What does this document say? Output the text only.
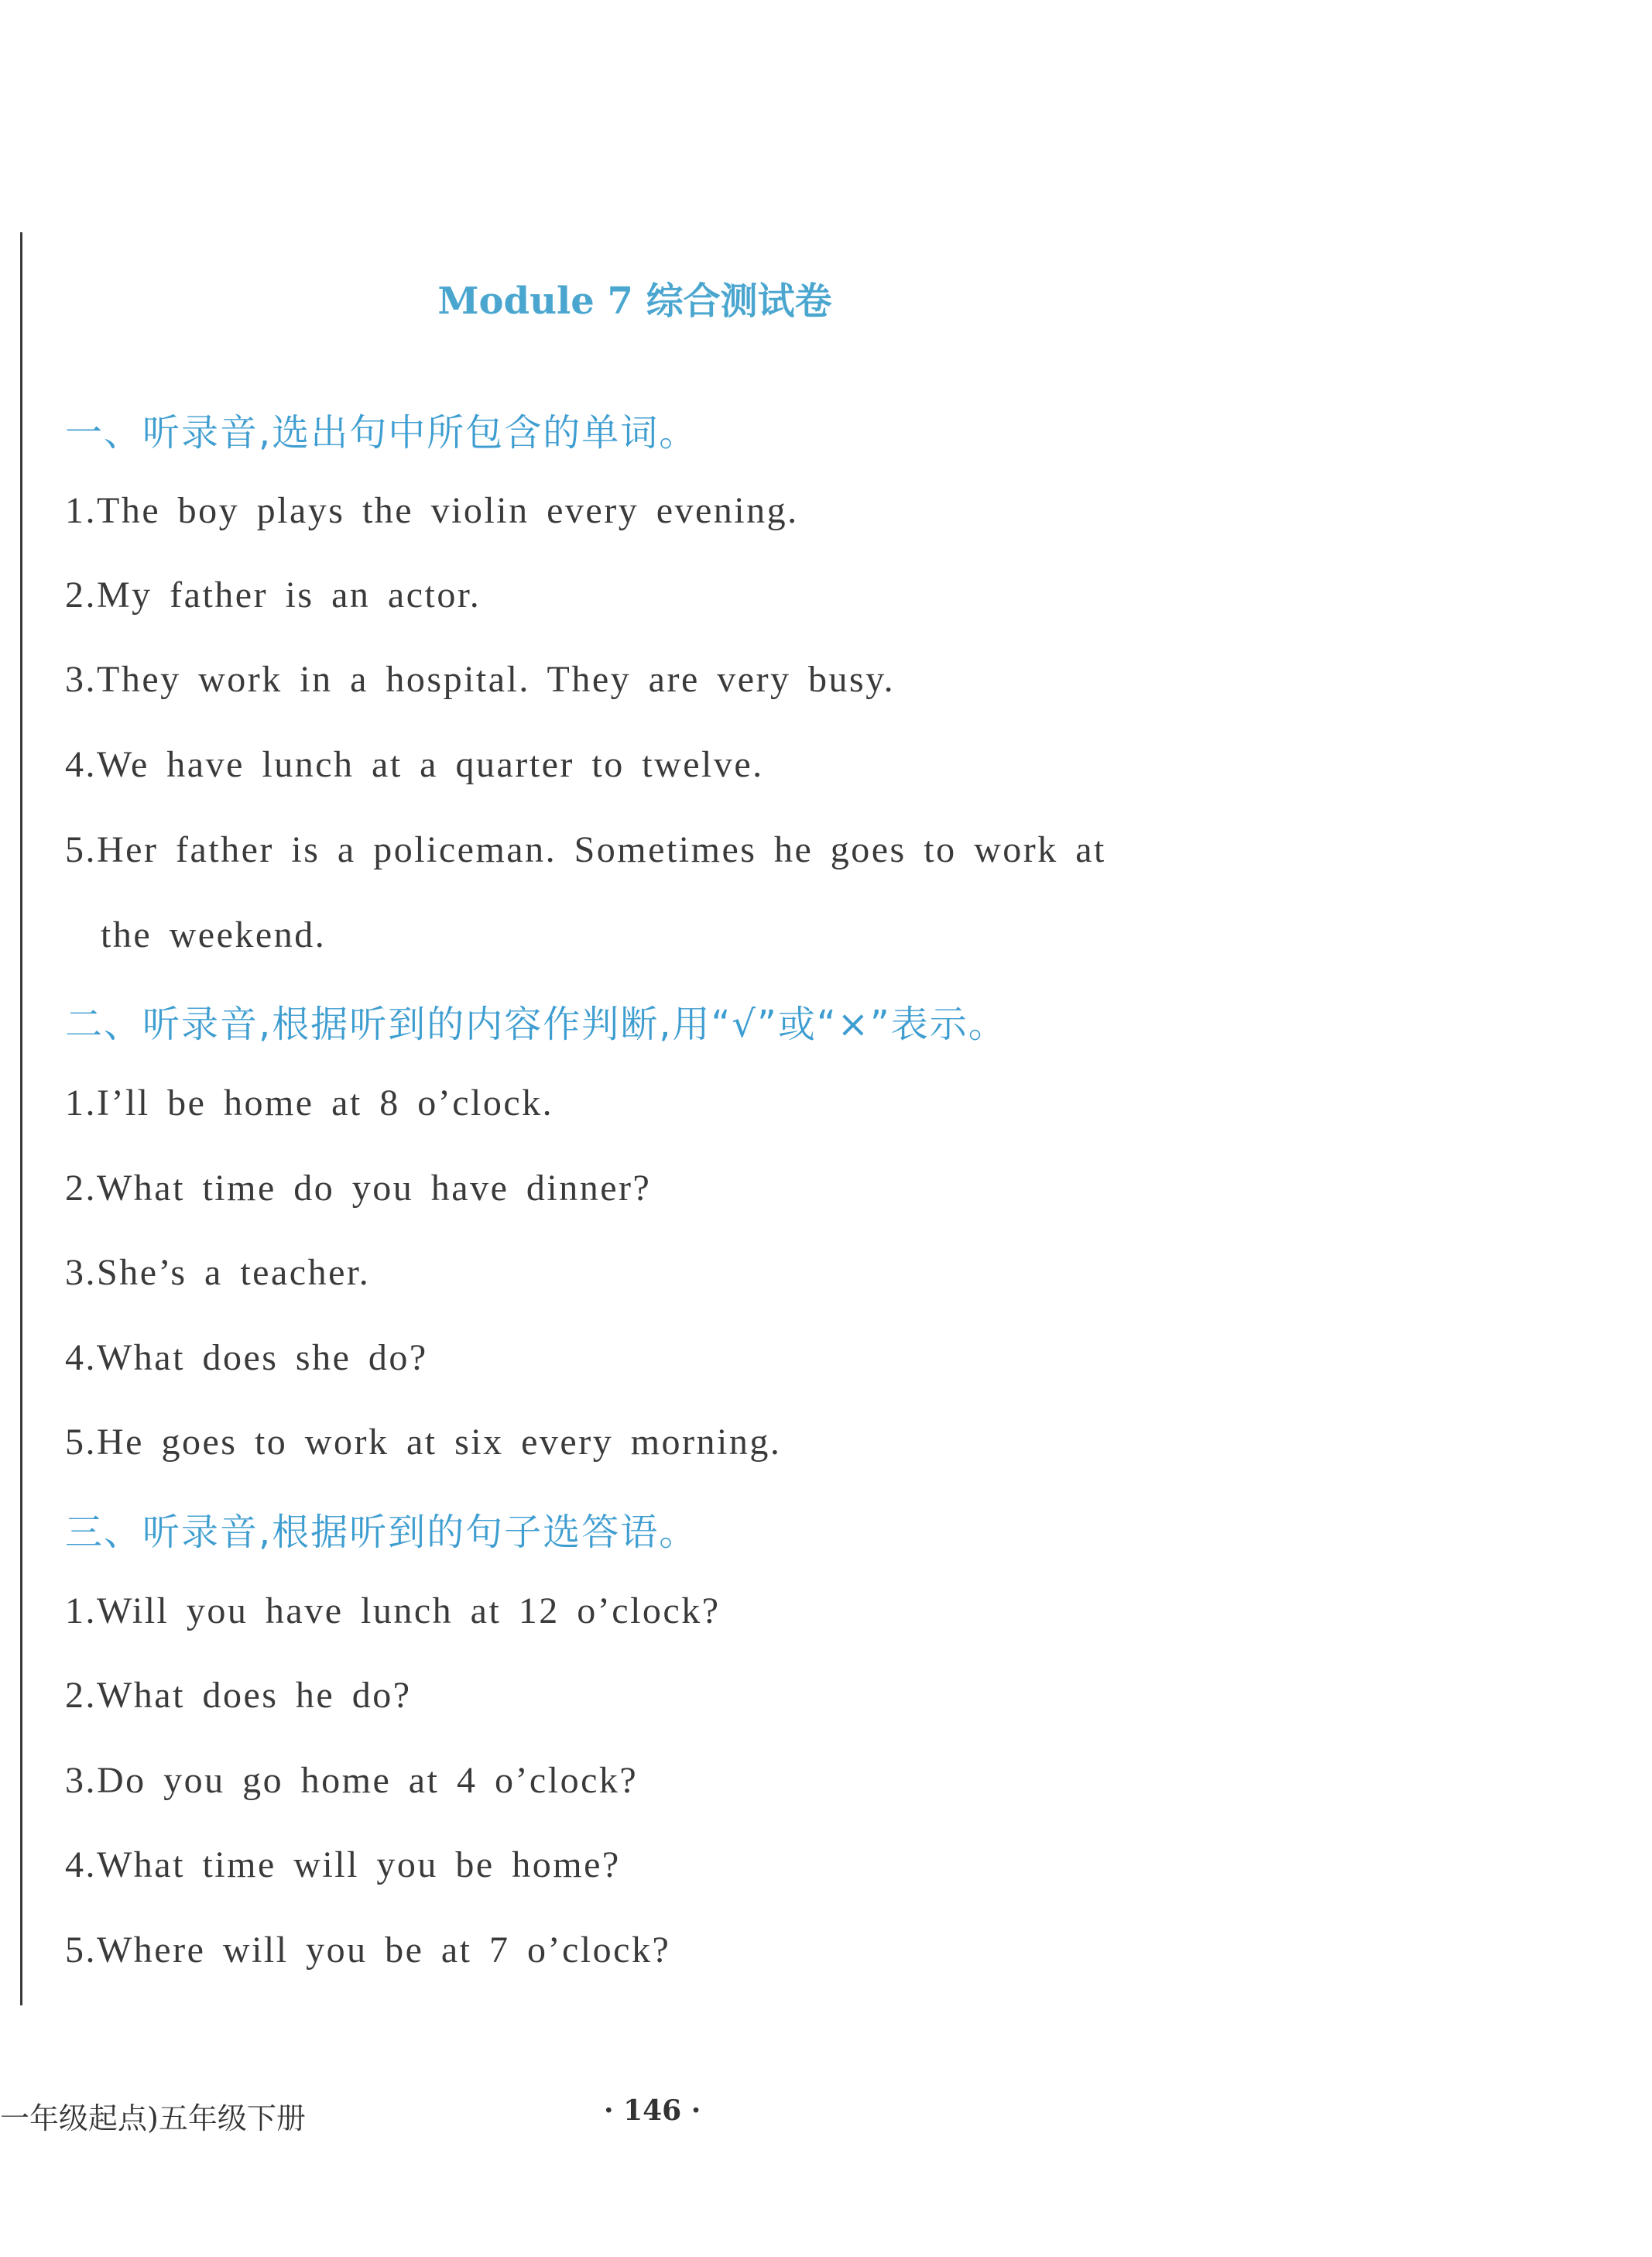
Module 7 综合测试卷
一、听录音,选出句中所包含的单词。
1.The boy plays the violin every evening.
2.My father is an actor.
3.They work in a hospital. They are very busy.
4.We have lunch at a quarter to twelve.
5.Her father is a policeman. Sometimes he goes to work at
the weekend.
二、听录音,根据听到的内容作判断,用“√”或“×”表示。
1.I’ll be home at 8 o’clock.
2.What time do you have dinner?
3.She’s a teacher.
4.What does she do?
5.He goes to work at six every morning.
三、听录音,根据听到的句子选答语。
1.Will you have lunch at 12 o’clock?
2.What does he do?
3.Do you go home at 4 o’clock?
4.What time will you be home?
5.Where will you be at 7 o’clock?
一年级起点)五年级下册	· 146 ·
